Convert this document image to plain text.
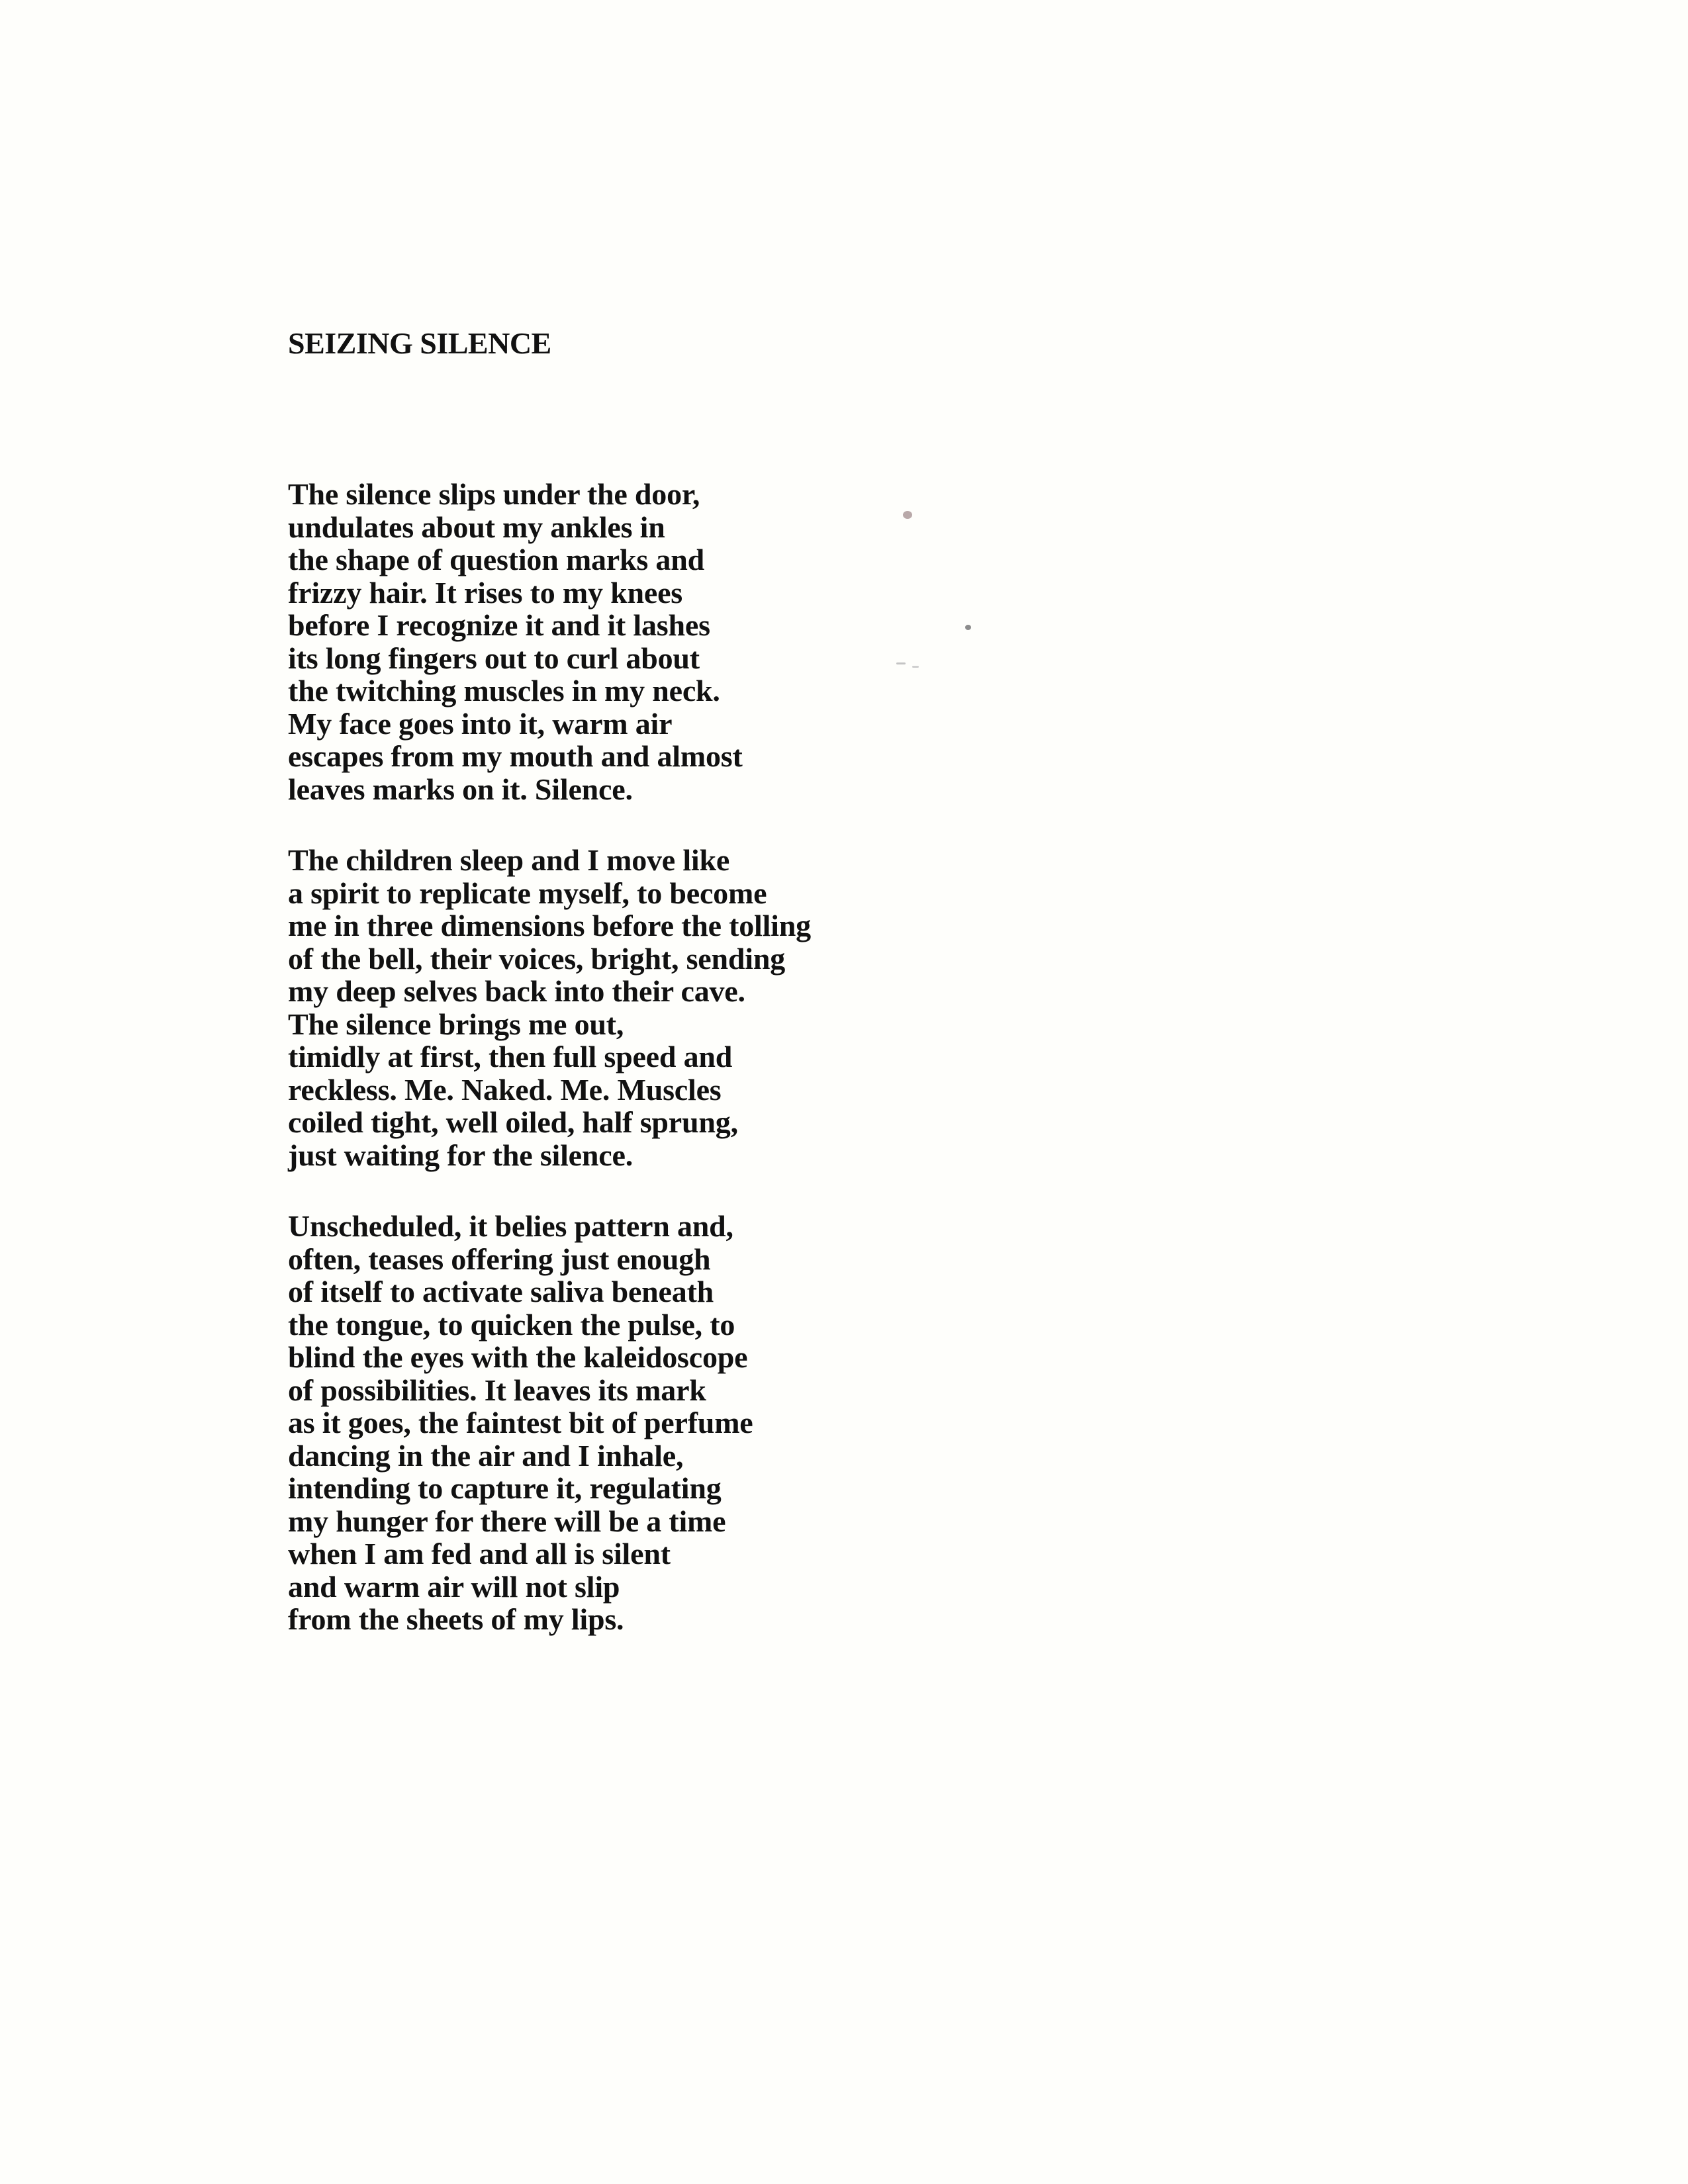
SEIZING SILENCE
The silence slips under the door,
undulates about my ankles in
the shape of question marks and
frizzy hair. It rises to my knees
before I recognize it and it lashes
its long fingers out to curl about
the twitching muscles in my neck.
My face goes into it, warm air
escapes from my mouth and almost
leaves marks on it. Silence.
The children sleep and I move like
a spirit to replicate myself, to become
me in three dimensions before the tolling
of the bell, their voices, bright, sending
my deep selves back into their cave.
The silence brings me out,
timidly at first, then full speed and
reckless. Me. Naked. Me. Muscles
coiled tight, well oiled, half sprung,
just waiting for the silence.
Unscheduled, it belies pattern and,
often, teases offering just enough
of itself to activate saliva beneath
the tongue, to quicken the pulse, to
blind the eyes with the kaleidoscope
of possibilities. It leaves its mark
as it goes, the faintest bit of perfume
dancing in the air and I inhale,
intending to capture it, regulating
my hunger for there will be a time
when I am fed and all is silent
and warm air will not slip
from the sheets of my lips.
